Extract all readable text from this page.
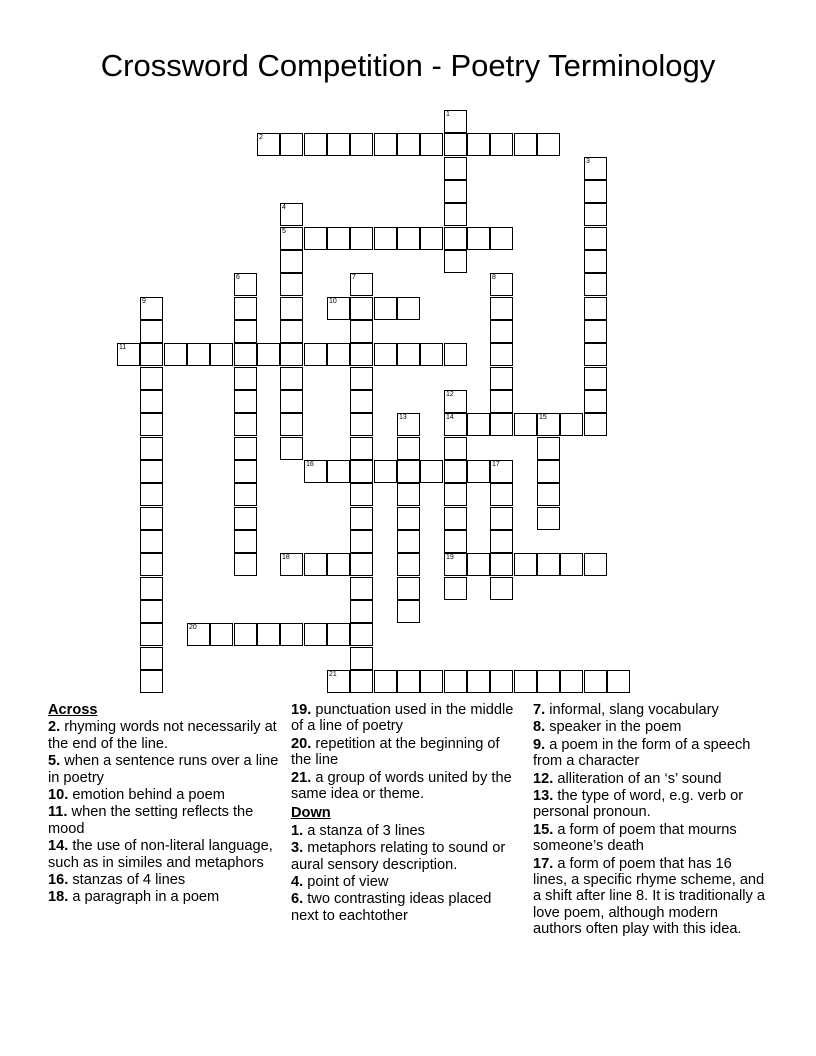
Crossword Competition - Poetry Terminology
2
5
10
11
14	15
16	17
18	19
20
21
1
3
4
6	7	8
9
12
13
Across
2. rhyming words not necessarily at the end of the line.
5. when a sentence runs over a line in poetry
10. emotion behind a poem
11. when the setting reflects the mood
14. the use of non-literal language, such as in similes and metaphors
16. stanzas of 4 lines
18. a paragraph in a poem
19. punctuation used in the middle of a line of poetry
20. repetition at the beginning of the line
21. a group of words united by the same idea or theme.
Down
1. a stanza of 3 lines
3. metaphors relating to sound or aural sensory description.
4. point of view
6. two contrasting ideas placed next to eachtother
7. informal, slang vocabulary
8. speaker in the poem
9. a poem in the form of a speech from a character
12. alliteration of an ‘s’ sound
13. the type of word, e.g. verb or personal pronoun.
15. a form of poem that mourns someone’s death
17. a form of poem that has 16 lines, a specific rhyme scheme, and a shift after line 8. It is traditionally a love poem, although modern authors often play with this idea.
